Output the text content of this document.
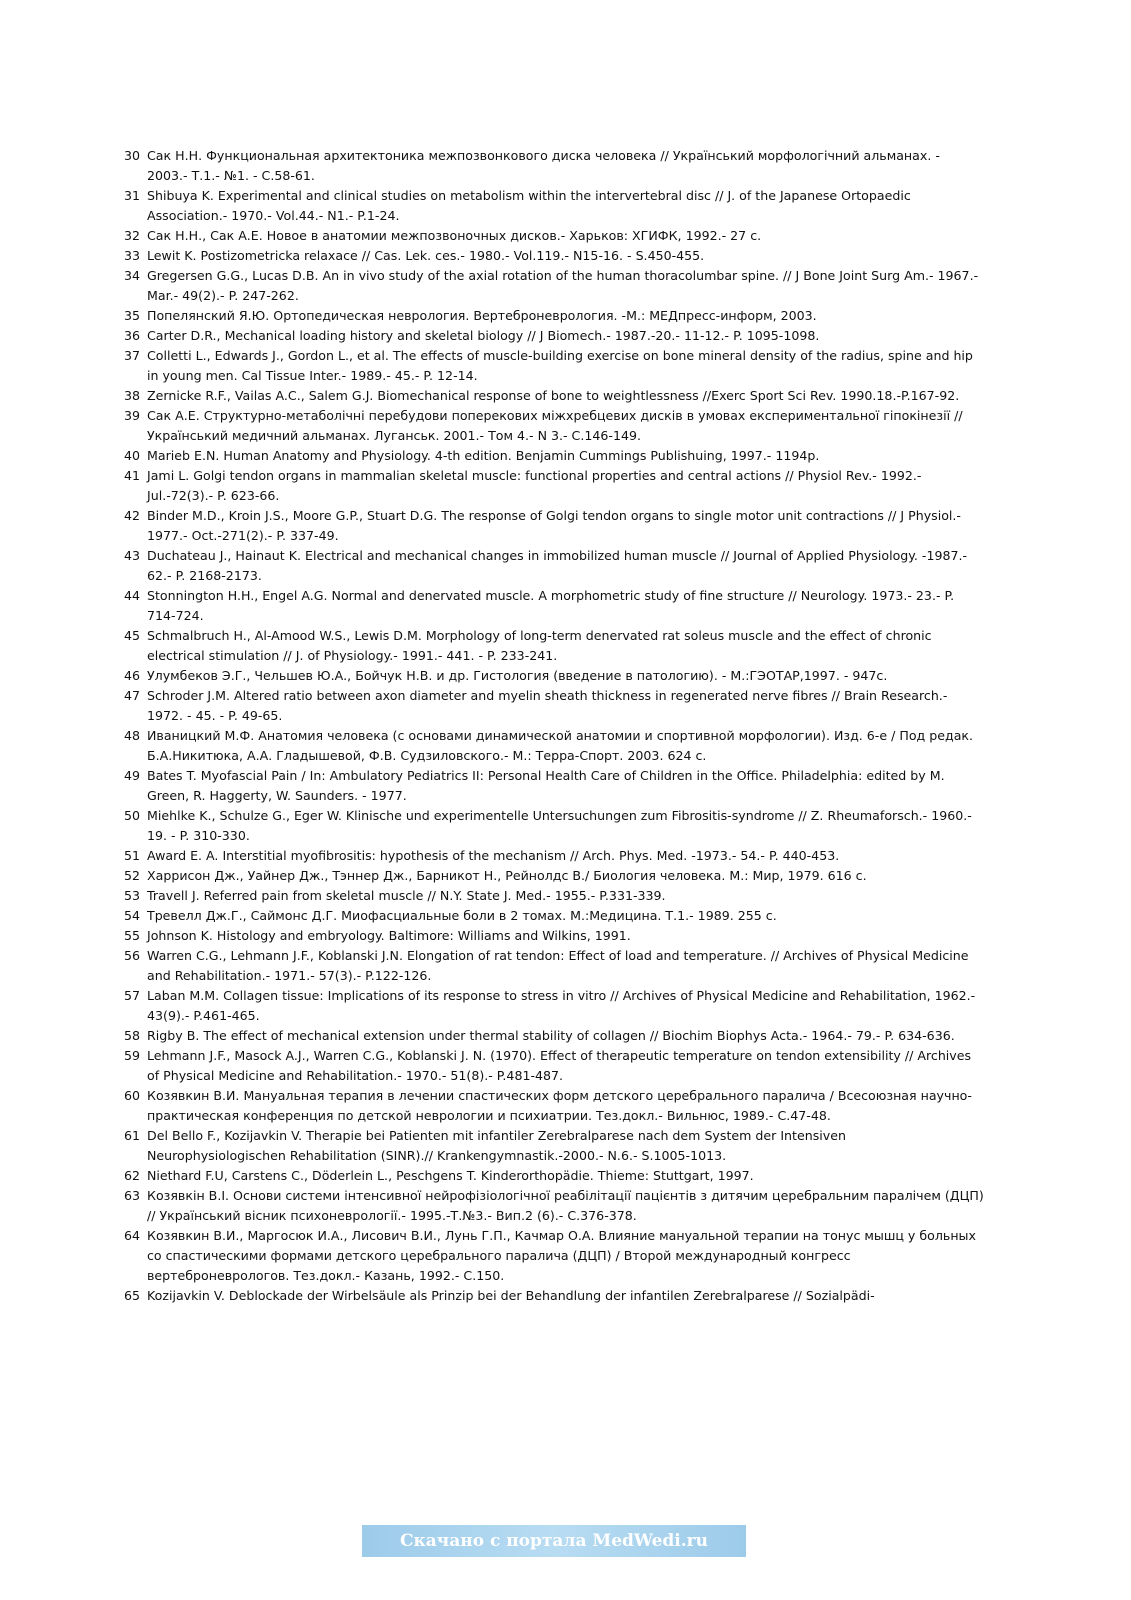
30 Сак Н.Н. Функциональная архитектоника межпозвонкового диска человека // Український морфологічний альманах. - 2003.- Т.1.- №1. - С.58-61.
31 Shibuya K. Experimental and clinical studies on metabolism within the intervertebral disc // J. of the Japanese Ortopaedic Association.- 1970.- Vol.44.- N1.- P.1-24.
32 Сак Н.Н., Сак А.Е. Новое в анатомии межпозвоночных дисков.- Харьков: ХГИФК, 1992.- 27 с.
33 Lewit K. Postizometricka relaxace // Cas. Lek. ces.- 1980.- Vol.119.- N15-16. - S.450-455.
34 Gregersen G.G., Lucas D.B. An in vivo study of the axial rotation of the human thoracolumbar spine. // J Bone Joint Surg Am.- 1967.- Mar.- 49(2).- P. 247-262.
35 Попелянский Я.Ю. Ортопедическая неврология. Вертеброневрология. -М.: МЕДпресс-информ, 2003.
36 Carter D.R., Mechanical loading history and skeletal biology // J Biomech.- 1987.-20.- 11-12.- P. 1095-1098.
37 Colletti L., Edwards J., Gordon L., et al. The effects of muscle-building exercise on bone mineral density of the radius, spine and hip in young men. Cal Tissue Inter.- 1989.- 45.- P. 12-14.
38 Zernicke R.F., Vailas A.C., Salem G.J. Biomechanical response of bone to weightlessness //Exerc Sport Sci Rev. 1990.18.-P.167-92.
39 Сак А.Е. Структурно-метаболічні перебудови поперекових міжхребцевих дисків в умовах експериментальної гіпокінезії //Український медичний альманах. Луганськ. 2001.- Том 4.- N 3.- С.146-149.
40 Marieb E.N. Human Anatomy and Physiology. 4-th edition. Benjamin Cummings Publishuing, 1997.- 1194p.
41 Jami L. Golgi tendon organs in mammalian skeletal muscle: functional properties and central actions // Physiol Rev.- 1992.- Jul.-72(3).- P. 623-66.
42 Binder M.D., Kroin J.S., Moore G.P., Stuart D.G. The response of Golgi tendon organs to single motor unit contractions // J Physiol.- 1977.- Oct.-271(2).- P. 337-49.
43 Duchateau J., Hainaut K. Electrical and mechanical changes in immobilized human muscle // Journal of Applied Physiology. -1987.- 62.- P. 2168-2173.
44 Stonnington H.H., Engel A.G. Normal and denervated muscle. A morphometric study of fine structure // Neurology. 1973.- 23.- P. 714-724.
45 Schmalbruch H., Al-Amood W.S., Lewis D.M. Morphology of long-term denervated rat soleus muscle and the effect of chronic electrical stimulation // J. of Physiology.- 1991.- 441. - P. 233-241.
46 Улумбеков Э.Г., Чельшев Ю.А., Бойчук Н.В. и др. Гистология (введение в патологию). - М.:ГЭОТАР,1997. - 947с.
47 Schroder J.M. Altered ratio between axon diameter and myelin sheath thickness in regenerated nerve fibres // Brain Research.- 1972. - 45. - P. 49-65.
48 Иваницкий М.Ф. Анатомия человека (с основами динамической анатомии и спортивной морфологии). Изд. 6-е / Под редак. Б.А.Никитюка, А.А. Гладышевой, Ф.В. Судзиловского.- М.: Терра-Спорт. 2003. 624 с.
49 Bates T. Myofascial Pain / In: Ambulatory Pediatrics II: Personal Health Care of Children in the Office. Philadelphia: edited by M. Green, R. Haggerty, W. Saunders. - 1977.
50 Miehlke K., Schulze G., Eger W. Klinische und experimentelle Untersuchungen zum Fibrositis-syndrome // Z. Rheumaforsch.- 1960.- 19. - P. 310-330.
51 Award E. A. Interstitial myofibrositis: hypothesis of the mechanism // Arch. Phys. Med. -1973.- 54.- P. 440-453.
52 Харрисон Дж., Уайнер Дж., Тэннер Дж., Барникот Н., Рейнолдс В./ Биология человека. М.: Мир, 1979. 616 с.
53 Travell J. Referred pain from skeletal muscle // N.Y. State J. Med.- 1955.- P.331-339.
54 Тревелл Дж.Г., Саймонс Д.Г. Миофасциальные боли в 2 томах. М.:Медицина. Т.1.- 1989. 255 с.
55 Johnson K. Histology and embryology. Baltimore: Williams and Wilkins, 1991.
56 Warren C.G., Lehmann J.F., Koblanski J.N. Elongation of rat tendon: Effect of load and temperature. // Archives of Physical Medicine and Rehabilitation.- 1971.- 57(3).- P.122-126.
57 Laban M.M. Collagen tissue: Implications of its response to stress in vitro // Archives of Physical Medicine and Rehabilitation, 1962.- 43(9).- P.461-465.
58 Rigby B. The effect of mechanical extension under thermal stability of collagen // Biochim Biophys Acta.- 1964.- 79.- P. 634-636.
59 Lehmann J.F., Masock A.J., Warren C.G., Koblanski J. N. (1970). Effect of therapeutic temperature on tendon extensibility // Archives of Physical Medicine and Rehabilitation.- 1970.- 51(8).- P.481-487.
60 Козявкин В.И. Мануальная терапия в лечении спастических форм детского церебрального паралича / Всесоюзная научно- практическая конференция по детской неврологии и психиатрии. Тез.докл.- Вильнюс, 1989.- С.47-48.
61 Del Bello F., Kozijavkin V. Therapie bei Patienten mit infantiler Zerebralparese nach dem System der Intensiven Neurophysiologischen Rehabilitation (SINR).// Krankengymnastik.-2000.- N.6.- S.1005-1013.
62 Niethard F.U, Carstens C., Döderlein L., Peschgens T. Kinderorthopädie. Thieme: Stuttgart, 1997.
63 Козявкін В.І. Основи системи інтенсивної нейрофізіологічної реабілітації пацієнтів з дитячим церебральним паралічем (ДЦП) // Український вісник психоневрології.- 1995.-Т.№3.- Вип.2 (6).- С.376-378.
64 Козявкин В.И., Маргосюк И.А., Лисович В.И., Лунь Г.П., Качмар О.А. Влияние мануальной терапии на тонус мышц у больных со спастическими формами детского церебрального паралича (ДЦП) / Второй международный конгресс вертеброневрологов. Тез.докл.- Казань, 1992.- С.150.
65 Kozijavkin V. Deblockade der Wirbelsäule als Prinzip bei der Behandlung der infantilen Zerebralparese // Sozialpädi-
Скачано с портала MedWedi.ru
